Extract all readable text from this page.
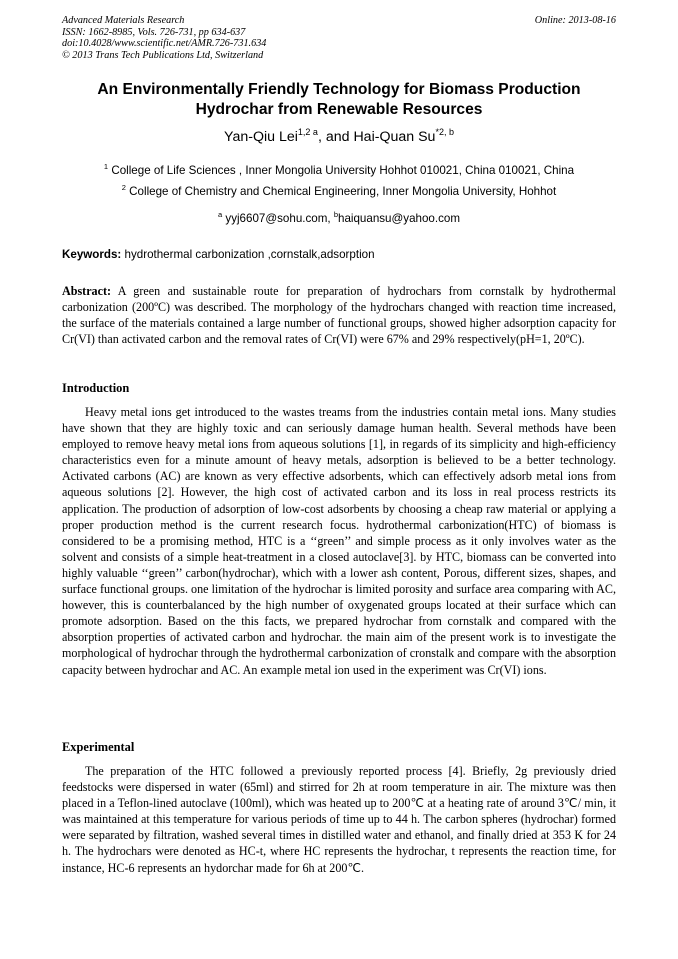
Advanced Materials Research
ISSN: 1662-8985, Vols. 726-731, pp 634-637
doi:10.4028/www.scientific.net/AMR.726-731.634
© 2013 Trans Tech Publications Ltd, Switzerland
Online: 2013-08-16
An Environmentally Friendly Technology for Biomass Production
Hydrochar from Renewable Resources
Yan-Qiu Lei$^{1,2 a}$, and Hai-Quan Su$^{*2, b}$
$^1$ College of Life Sciences , Inner Mongolia University Hohhot 010021, China 010021, China
$^2$ College of Chemistry and Chemical Engineering, Inner Mongolia University, Hohhot
$^a$ yyj6607@sohu.com, $^b$haiquansu@yahoo.com
Keywords: hydrothermal carbonization ,cornstalk,adsorption
Abstract: A green and sustainable route for preparation of hydrochars from cornstalk by hydrothermal carbonization (200ºC) was described. The morphology of the hydrochars changed with reaction time increased, the surface of the materials contained a large number of functional groups, showed higher adsorption capacity for Cr(VI) than activated carbon and the removal rates of Cr(VI) were 67% and 29% respectively(pH=1, 20ºC).
Introduction
Heavy metal ions get introduced to the wastes treams from the industries contain metal ions. Many studies have shown that they are highly toxic and can seriously damage human health. Several methods have been employed to remove heavy metal ions from aqueous solutions [1], in regards of its simplicity and high-efficiency characteristics even for a minute amount of heavy metals, adsorption is believed to be a better technology. Activated carbons (AC) are known as very effective adsorbents, which can effectively adsorb metal ions from aqueous solutions [2]. However, the high cost of activated carbon and its loss in real process restricts its application. The production of adsorption of low-cost adsorbents by choosing a cheap raw material or applying a proper production method is the current research focus. hydrothermal carbonization(HTC) of biomass is considered to be a promising method, HTC is a ‘‘green’’ and simple process as it only involves water as the solvent and consists of a simple heat-treatment in a closed autoclave[3]. by HTC, biomass can be converted into highly valuable ‘‘green’’ carbon(hydrochar), which with a lower ash content, Porous, different sizes, shapes, and surface functional groups. one limitation of the hydrochar is limited porosity and surface area comparing with AC, however, this is counterbalanced by the high number of oxygenated groups located at their surface which can promote adsorption. Based on the this facts, we prepared hydrochar from cornstalk and compared with the absorption properties of activated carbon and hydrochar. the main aim of the present work is to investigate the morphological of hydrochar through the hydrothermal carbonization of cronstalk and compare with the absorption capacity between hydrochar and AC. An example metal ion used in the experiment was Cr(VI) ions.
Experimental
The preparation of the HTC followed a previously reported process [4]. Briefly, 2g previously dried feedstocks were dispersed in water (65ml) and stirred for 2h at room temperature in air. The mixture was then placed in a Teflon-lined autoclave (100ml), which was heated up to 200℃ at a heating rate of around 3℃/ min, it was maintained at this temperature for various periods of time up to 44 h. The carbon spheres (hydrochar) formed were separated by filtration, washed several times in distilled water and ethanol, and finally dried at 353 K for 24 h. The hydrochars were denoted as HC-t, where HC represents the hydrochar, t represents the reaction time, for instance, HC-6 represents an hydorchar made for 6h at 200℃.
